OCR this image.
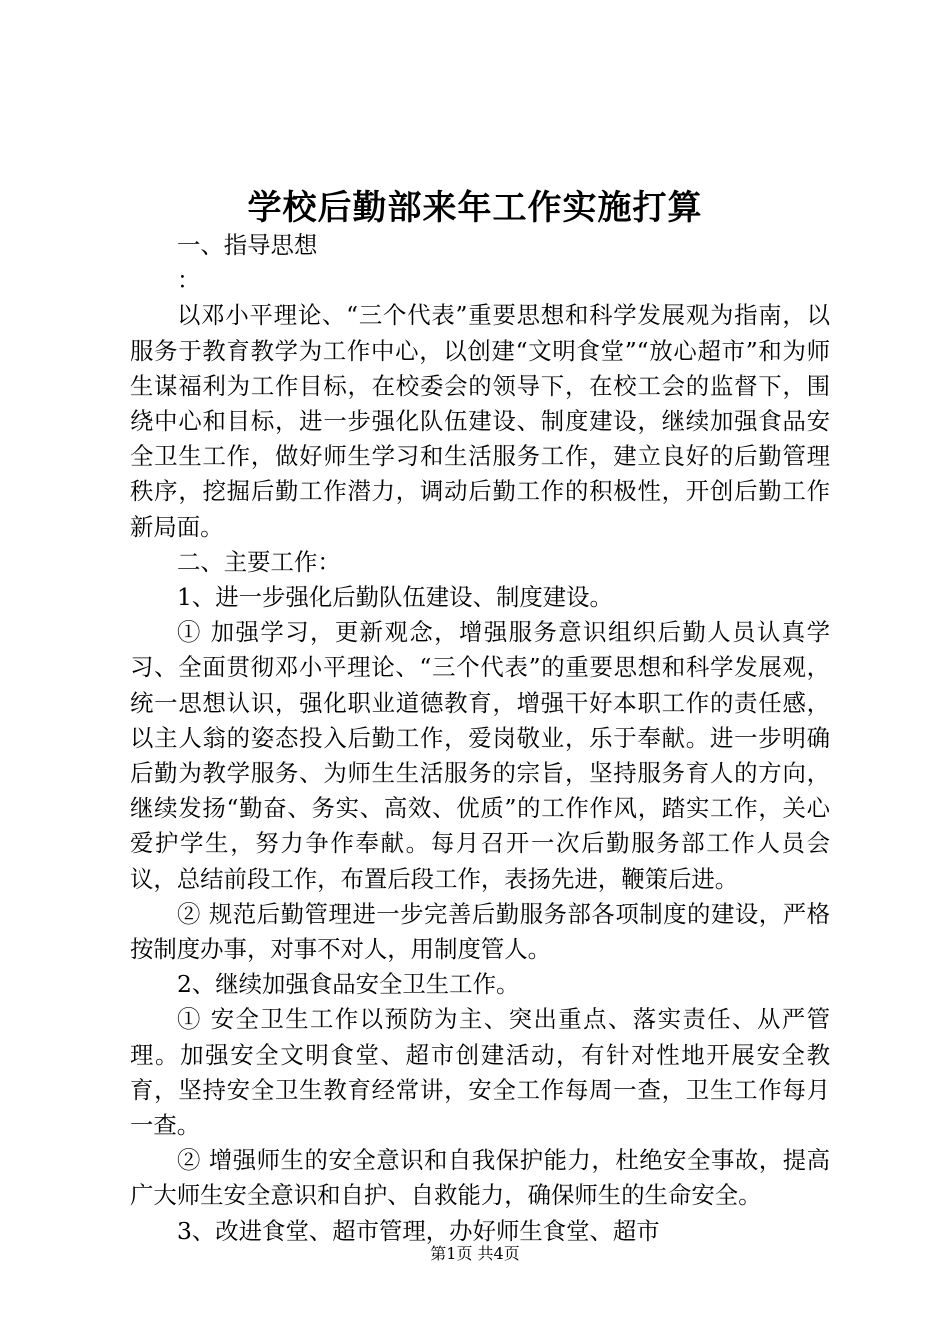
学校后勤部来年工作实施打算

一、指导思想

：

以邓小平理论、“三个代表”重要思想和科学发展观为指南，以服务于教育教学为工作中心，以创建“文明食堂”“放心超市”和为师生谋福利为工作目标，在校委会的领导下，在校工会的监督下，围绕中心和目标，进一步强化队伍建设、制度建设，继续加强食品安全卫生工作，做好师生学习和生活服务工作，建立良好的后勤管理秩序，挖掘后勤工作潜力，调动后勤工作的积极性，开创后勤工作新局面。

二、主要工作：

1、进一步强化后勤队伍建设、制度建设。

① 加强学习，更新观念，增强服务意识组织后勤人员认真学习、全面贯彻邓小平理论、“三个代表”的重要思想和科学发展观，统一思想认识，强化职业道德教育，增强干好本职工作的责任感，以主人翁的姿态投入后勤工作，爱岗敬业，乐于奉献。进一步明确后勤为教学服务、为师生生活服务的宗旨，坚持服务育人的方向，继续发扬“勤奋、务实、高效、优质”的工作作风，踏实工作，关心爱护学生，努力争作奉献。每月召开一次后勤服务部工作人员会议，总结前段工作，布置后段工作，表扬先进，鞭策后进。

② 规范后勤管理进一步完善后勤服务部各项制度的建设，严格按制度办事，对事不对人，用制度管人。

2、继续加强食品安全卫生工作。

① 安全卫生工作以预防为主、突出重点、落实责任、从严管理。加强安全文明食堂、超市创建活动，有针对性地开展安全教育，坚持安全卫生教育经常讲，安全工作每周一查，卫生工作每月一查。

② 增强师生的安全意识和自我保护能力，杜绝安全事故，提高广大师生安全意识和自护、自救能力，确保师生的生命安全。

3、改进食堂、超市管理，办好师生食堂、超市

第1页 共4页
